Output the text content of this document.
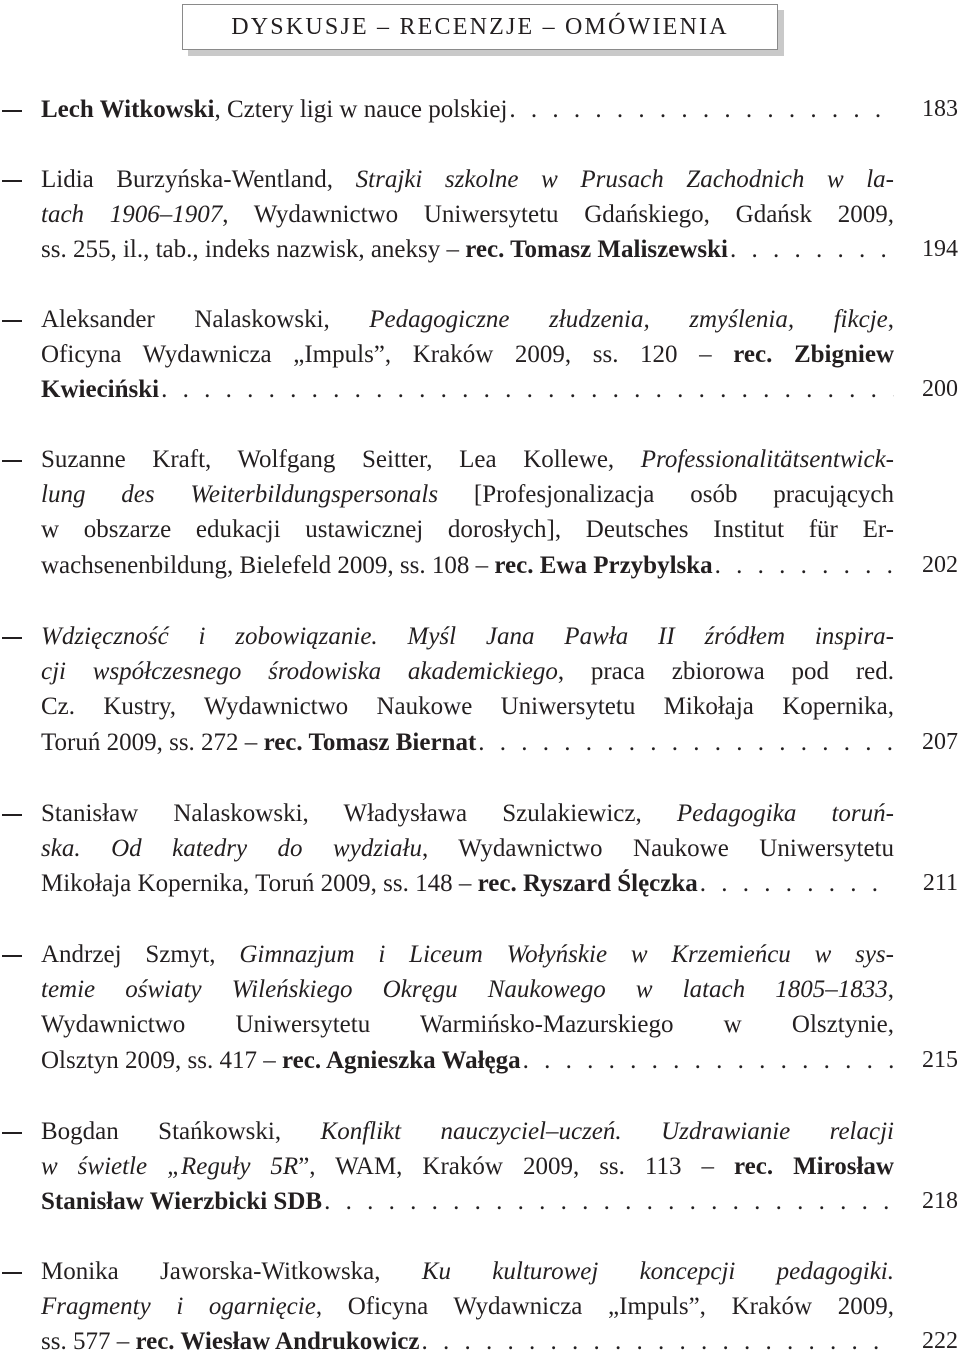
DYSKUSJE – RECENZJE – OMÓWIENIA
Lech Witkowski, Cztery ligi w nauce polskiej . . .	183
Lidia Burzyńska-Wentland, Strajki szkolne w Prusach Zachodnich w la-
tach 1906–1907, Wydawnictwo Uniwersytetu Gdańskiego, Gdańsk 2009,
ss. 255, il., tab., indeks nazwisk, aneksy – rec. Tomasz Maliszewski . . .	194
Aleksander Nalaskowski, Pedagogiczne złudzenia, zmyślenia, fikcje,
Oficyna Wydawnicza „Impuls”, Kraków 2009, ss. 120 – rec. Zbigniew
Kwieciński . . .	200
Suzanne Kraft, Wolfgang Seitter, Lea Kollewe, Professionalitätsentwick-
lung des Weiterbildungspersonals [Profesjonalizacja osób pracujących
w obszarze edukacji ustawicznej dorosłych], Deutsches Institut für Er-
wachsenenbildung, Bielefeld 2009, ss. 108 – rec. Ewa Przybylska . . .	202
Wdzięczność i zobowiązanie. Myśl Jana Pawła II źródłem inspira-
cji współczesnego środowiska akademickiego, praca zbiorowa pod red.
Cz. Kustry, Wydawnictwo Naukowe Uniwersytetu Mikołaja Kopernika,
Toruń 2009, ss. 272 – rec. Tomasz Biernat . . .	207
Stanisław Nalaskowski, Władysława Szulakiewicz, Pedagogika toruń-
ska. Od katedry do wydziału, Wydawnictwo Naukowe Uniwersytetu
Mikołaja Kopernika, Toruń 2009, ss. 148 – rec. Ryszard Ślęczka . . .	211
Andrzej Szmyt, Gimnazjum i Liceum Wołyńskie w Krzemieńcu w sys-
temie oświaty Wileńskiego Okręgu Naukowego w latach 1805–1833,
Wydawnictwo Uniwersytetu Warmińsko-Mazurskiego w Olsztynie,
Olsztyn 2009, ss. 417 – rec. Agnieszka Wałęga . . .	215
Bogdan Stańkowski, Konflikt nauczyciel–uczeń. Uzdrawianie relacji
w świetle „Reguły 5R”, WAM, Kraków 2009, ss. 113 – rec. Mirosław
Stanisław Wierzbicki SDB . . .	218
Monika Jaworska-Witkowska, Ku kulturowej koncepcji pedagogiki.
Fragmenty i ogarnięcie, Oficyna Wydawnicza „Impuls”, Kraków 2009,
ss. 577 – rec. Wiesław Andrukowicz . . .	222
